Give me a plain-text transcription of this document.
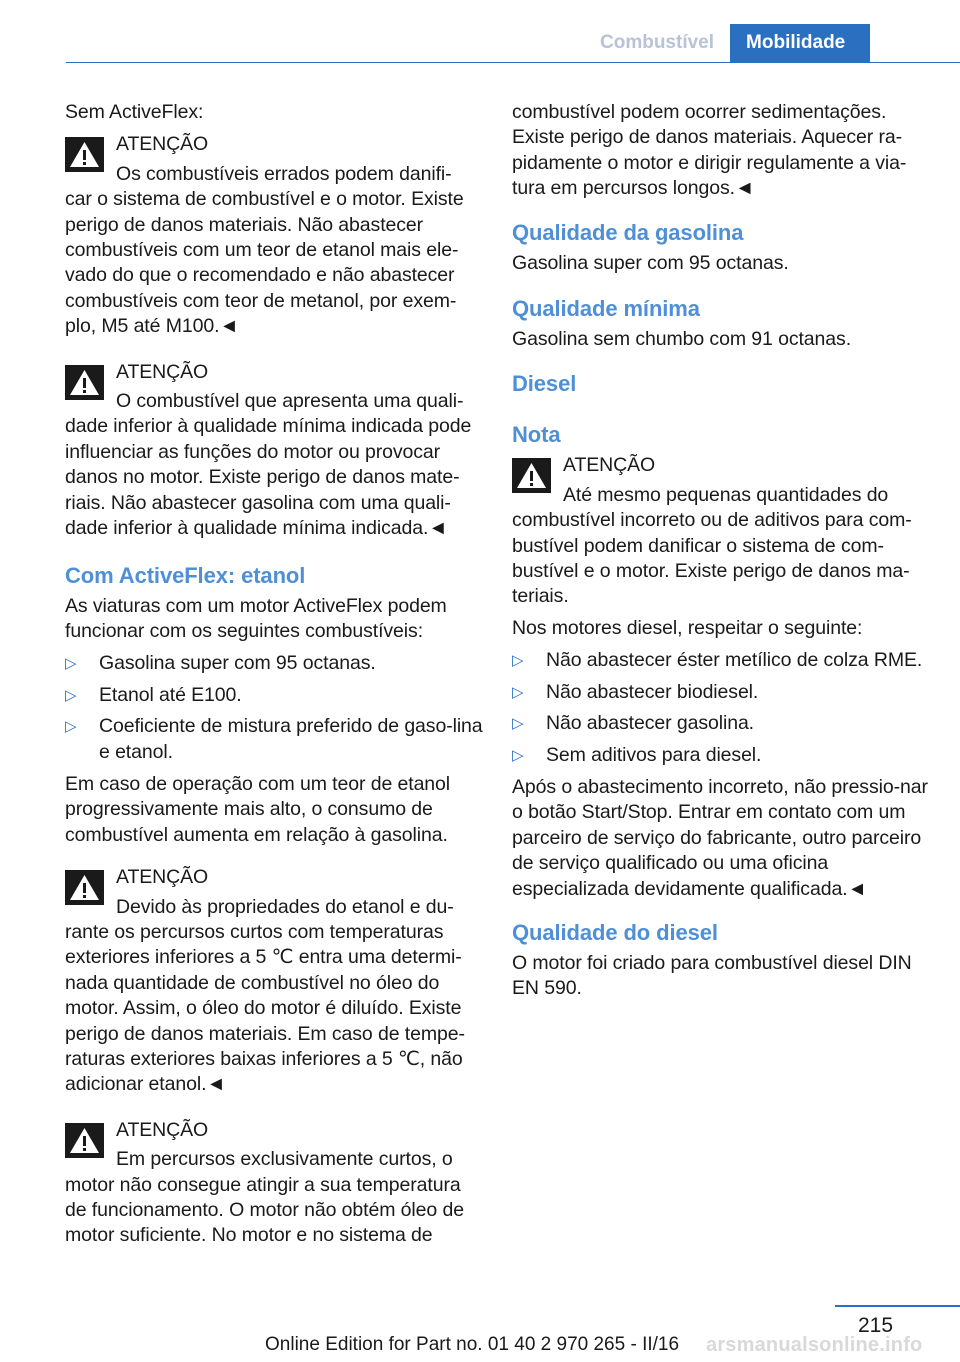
Combustível	Mobilidade

Sem ActiveFlex:

ATENÇÃO

Os combustíveis errados podem danifi-

car o sistema de combustível e o motor. Existe perigo de danos materiais. Não abastecer combustíveis com um teor de etanol mais ele-vado do que o recomendado e não abastecer combustíveis com teor de metanol, por exem-plo, M5 até M100.◄

ATENÇÃO

O combustível que apresenta uma quali-

dade inferior à qualidade mínima indicada pode influenciar as funções do motor ou provocar danos no motor. Existe perigo de danos mate-riais. Não abastecer gasolina com uma quali-dade inferior à qualidade mínima indicada.◄

Com ActiveFlex: etanol

As viaturas com um motor ActiveFlex podem funcionar com os seguintes combustíveis:

▷ Gasolina super com 95 octanas.
▷ Etanol até E100.
▷ Coeficiente de mistura preferido de gaso-lina e etanol.

Em caso de operação com um teor de etanol progressivamente mais alto, o consumo de combustível aumenta em relação à gasolina.

ATENÇÃO

Devido às propriedades do etanol e du-

rante os percursos curtos com temperaturas exteriores inferiores a 5 ℃ entra uma determi-nada quantidade de combustível no óleo do motor. Assim, o óleo do motor é diluído. Existe perigo de danos materiais. Em caso de tempe-raturas exteriores baixas inferiores a 5 ℃, não adicionar etanol.◄

ATENÇÃO

Em percursos exclusivamente curtos, o

motor não consegue atingir a sua temperatura de funcionamento. O motor não obtém óleo de motor suficiente. No motor e no sistema de

combustível podem ocorrer sedimentações. Existe perigo de danos materiais. Aquecer ra-pidamente o motor e dirigir regulamente a via-tura em percursos longos.◄

Qualidade da gasolina

Gasolina super com 95 octanas.

Qualidade mínima

Gasolina sem chumbo com 91 octanas.

Diesel
Nota

ATENÇÃO

Até mesmo pequenas quantidades do

combustível incorreto ou de aditivos para com-bustível podem danificar o sistema de com-bustível e o motor. Existe perigo de danos ma-teriais.

Nos motores diesel, respeitar o seguinte:

▷ Não abastecer éster metílico de colza RME.
▷ Não abastecer biodiesel.
▷ Não abastecer gasolina.
▷ Sem aditivos para diesel.

Após o abastecimento incorreto, não pressio-nar o botão Start/Stop. Entrar em contato com um parceiro de serviço do fabricante, outro parceiro de serviço qualificado ou uma oficina especializada devidamente qualificada.◄

Qualidade do diesel

O motor foi criado para combustível diesel DIN EN 590.

215
Online Edition for Part no. 01 40 2 970 265 - II/16 arsmanualsonline.info
